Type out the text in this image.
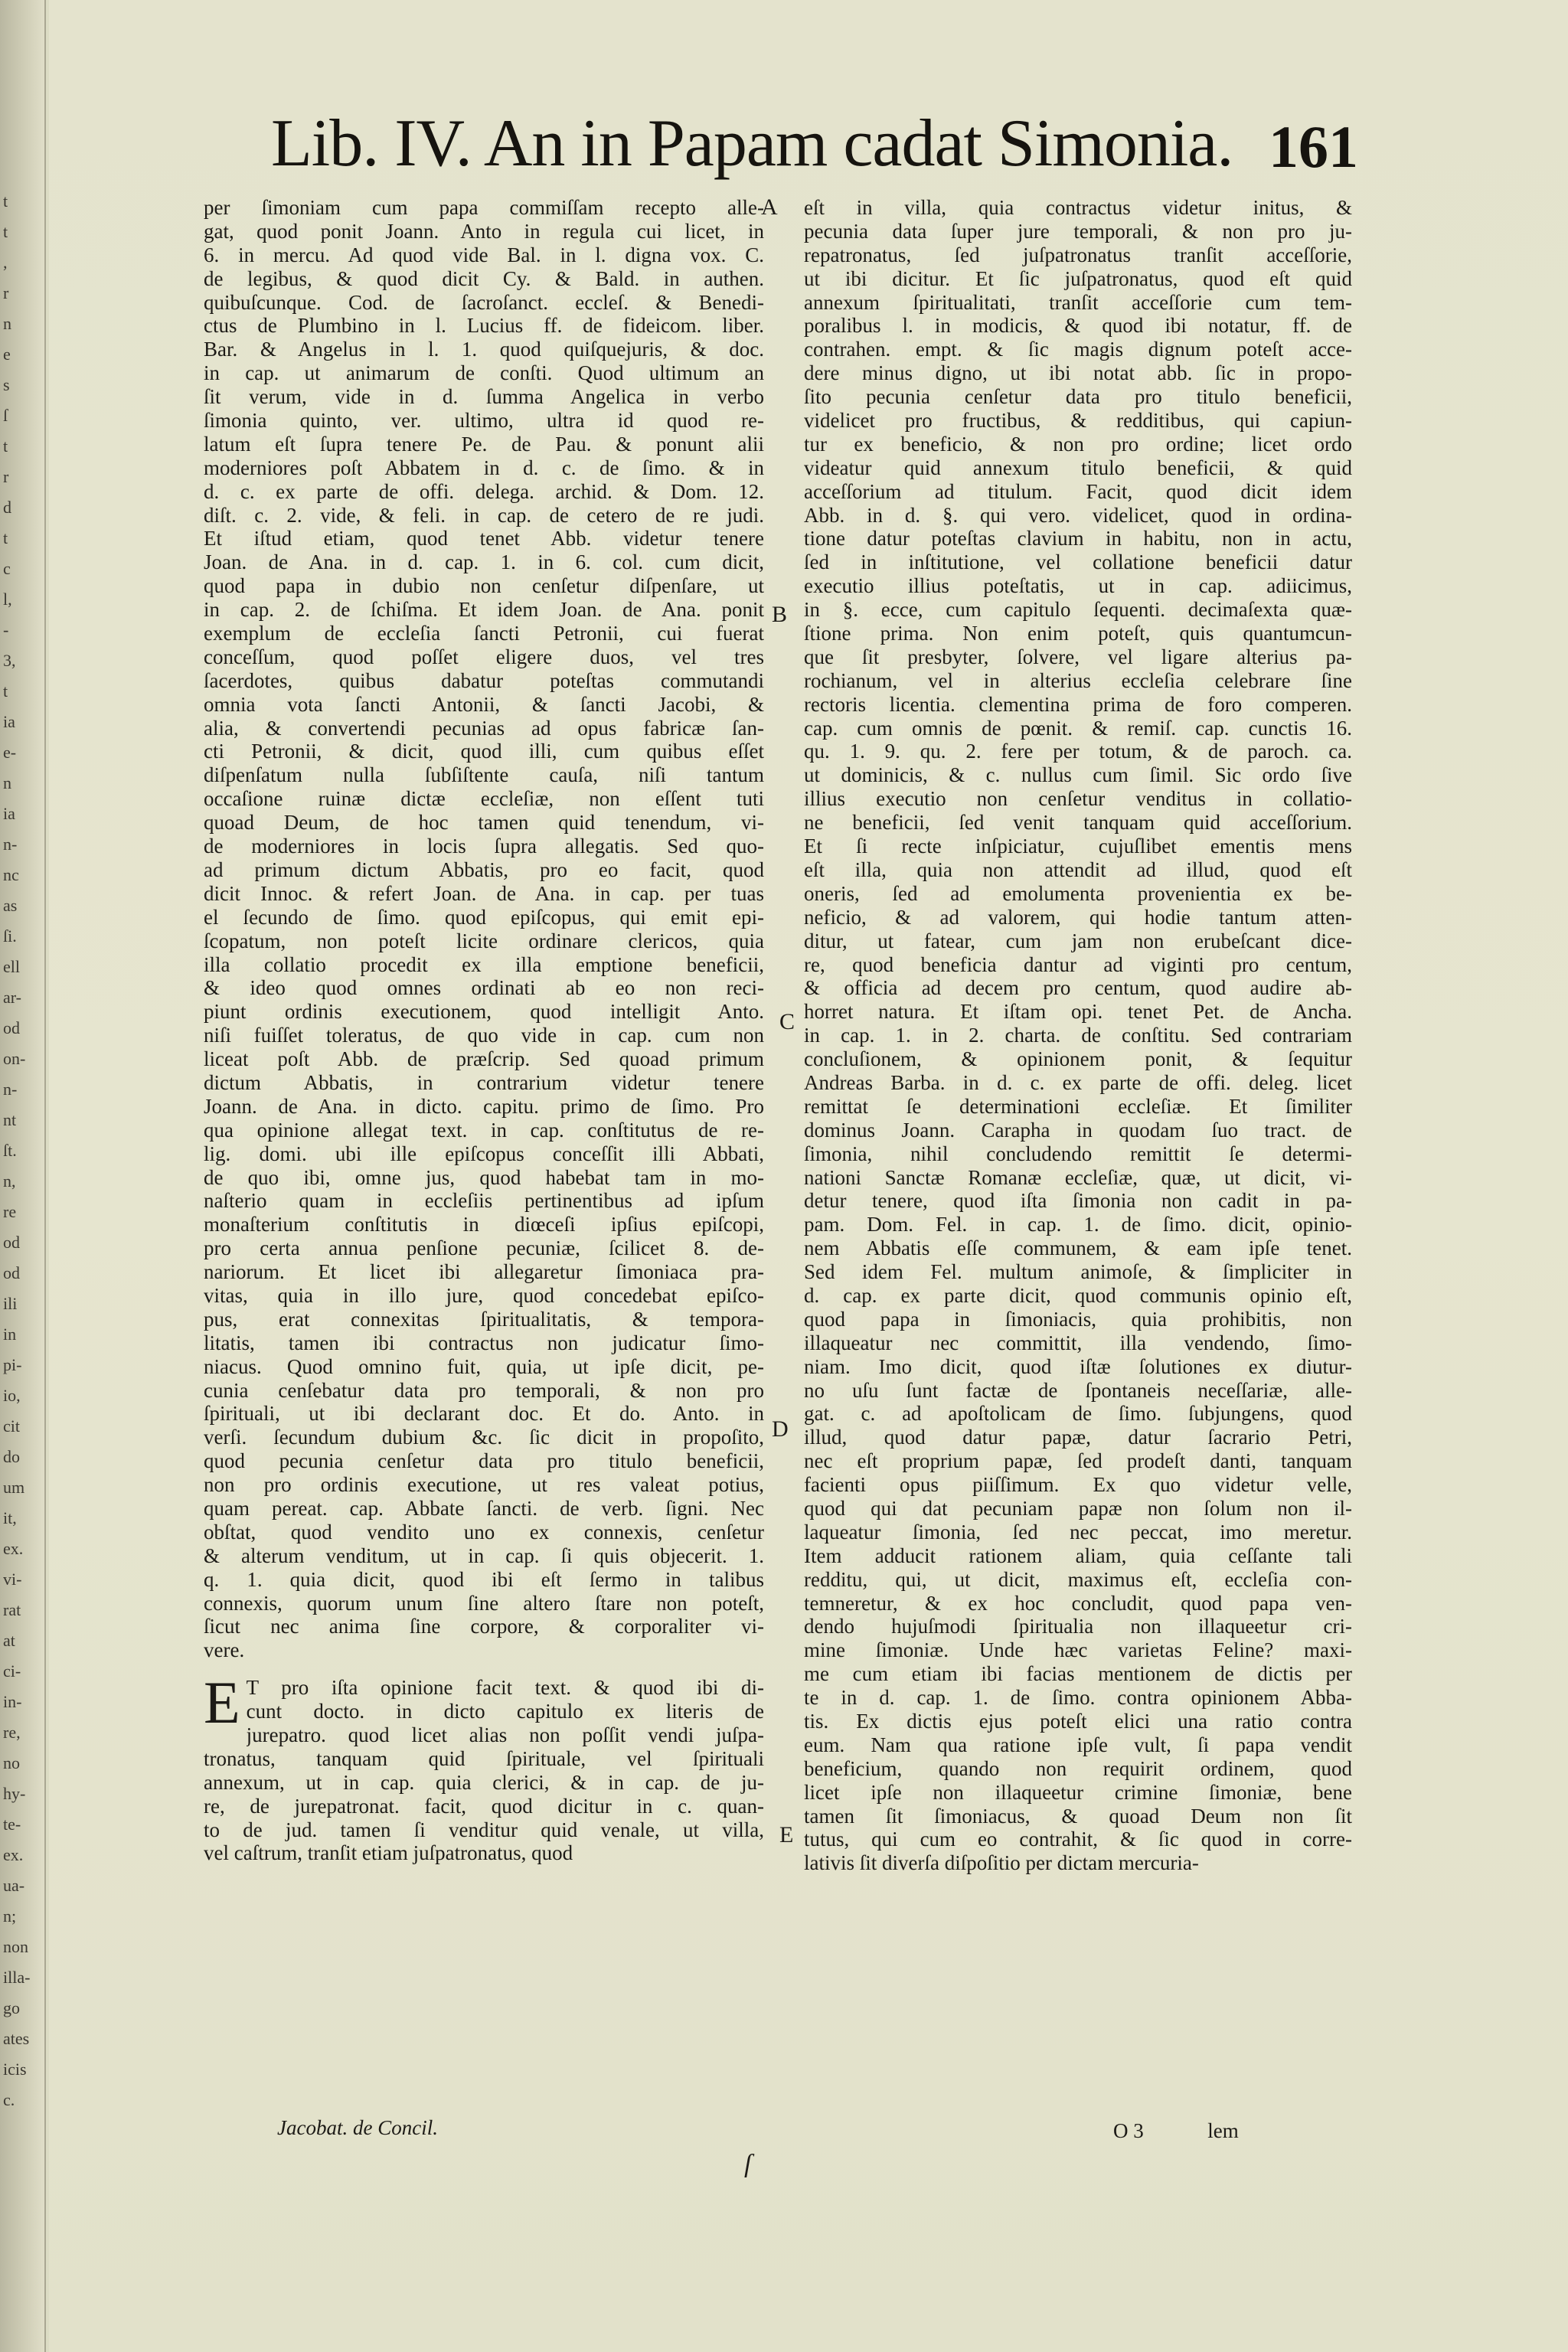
t
t
,
r
n
e
s
ſ
t
r
d
t
c
l,
-
3,
t
ia
e-
n
ia
n-
nc
as
ſi.
ell
ar-
od
on-
n-
nt
ſt.
n,
re
od
od
ili
in
pi-
io,
cit
do
um
it,
ex.
vi-
rat
at
ci-
in-
re,
no
hy-
te-
ex.
ua-
n;
non
illa-
go
ates
icis
c.
Lib. IV. An in Papam cadat Simonia. 161
per ſimoniam cum papa commiſſam recepto alle-
gat, quod ponit Joann. Anto in regula cui licet, in
6. in mercu. Ad quod vide Bal. in l. digna vox. C.
de legibus, & quod dicit Cy. & Bald. in authen.
quibuſcunque. Cod. de ſacroſanct. eccleſ. & Benedi-
ctus de Plumbino in l. Lucius ff. de fideicom. liber.
Bar. & Angelus in l. 1. quod quiſquejuris, & doc.
in cap. ut animarum de conſti. Quod ultimum an
ſit verum, vide in d. ſumma Angelica in verbo
ſimonia quinto, ver. ultimo, ultra id quod re-
latum eſt ſupra tenere Pe. de Pau. & ponunt alii
moderniores poſt Abbatem in d. c. de ſimo. & in
d. c. ex parte de offi. delega. archid. & Dom. 12.
diſt. c. 2. vide, & feli. in cap. de cetero de re judi.
Et iſtud etiam, quod tenet Abb. videtur tenere
Joan. de Ana. in d. cap. 1. in 6. col. cum dicit,
quod papa in dubio non cenſetur diſpenſare, ut
in cap. 2. de ſchiſma. Et idem Joan. de Ana. ponit
exemplum de eccleſia ſancti Petronii, cui fuerat
conceſſum, quod poſſet eligere duos, vel tres
ſacerdotes, quibus dabatur poteſtas commutandi
omnia vota ſancti Antonii, & ſancti Jacobi, &
alia, & convertendi pecunias ad opus fabricæ ſan-
cti Petronii, & dicit, quod illi, cum quibus eſſet
diſpenſatum nulla ſubſiſtente cauſa, niſi tantum
occaſione ruinæ dictæ eccleſiæ, non eſſent tuti
quoad Deum, de hoc tamen quid tenendum, vi-
de moderniores in locis ſupra allegatis. Sed quo-
ad primum dictum Abbatis, pro eo facit, quod
dicit Innoc. & refert Joan. de Ana. in cap. per tuas
el ſecundo de ſimo. quod epiſcopus, qui emit epi-
ſcopatum, non poteſt licite ordinare clericos, quia
illa collatio procedit ex illa emptione beneficii,
& ideo quod omnes ordinati ab eo non reci-
piunt ordinis executionem, quod intelligit Anto.
niſi fuiſſet toleratus, de quo vide in cap. cum non
liceat poſt Abb. de præſcrip. Sed quoad primum
dictum Abbatis, in contrarium videtur tenere
Joann. de Ana. in dicto. capitu. primo de ſimo. Pro
qua opinione allegat text. in cap. conſtitutus de re-
lig. domi. ubi ille epiſcopus conceſſit illi Abbati,
de quo ibi, omne jus, quod habebat tam in mo-
naſterio quam in eccleſiis pertinentibus ad ipſum
monaſterium conſtitutis in diœceſi ipſius epiſcopi,
pro certa annua penſione pecuniæ, ſcilicet 8. de-
nariorum. Et licet ibi allegaretur ſimoniaca pra-
vitas, quia in illo jure, quod concedebat epiſco-
pus, erat connexitas ſpiritualitatis, & tempora-
litatis, tamen ibi contractus non judicatur ſimo-
niacus. Quod omnino fuit, quia, ut ipſe dicit, pe-
cunia cenſebatur data pro temporali, & non pro
ſpirituali, ut ibi declarant doc. Et do. Anto. in
verſi. ſecundum dubium &c. ſic dicit in propoſito,
quod pecunia cenſetur data pro titulo beneficii,
non pro ordinis executione, ut res valeat potius,
quam pereat. cap. Abbate ſancti. de verb. ſigni. Nec
obſtat, quod vendito uno ex connexis, cenſetur
& alterum venditum, ut in cap. ſi quis objecerit. 1.
q. 1. quia dicit, quod ibi eſt ſermo in talibus
connexis, quorum unum ſine altero ſtare non poteſt,
ſicut nec anima ſine corpore, & corporaliter vi-
vere.
E T pro iſta opinione facit text. & quod ibi di-
cunt docto. in dicto capitulo ex literis de
jurepatro. quod licet alias non poſſit vendi juſpa-
tronatus, tanquam quid ſpirituale, vel ſpirituali
annexum, ut in cap. quia clerici, & in cap. de ju-
re, de jurepatronat. facit, quod dicitur in c. quan-
to de jud. tamen ſi venditur quid venale, ut villa,
vel caſtrum, tranſit etiam juſpatronatus, quod
eſt in villa, quia contractus videtur initus, &
pecunia data ſuper jure temporali, & non pro ju-
repatronatus, ſed juſpatronatus tranſit acceſſorie,
ut ibi dicitur. Et ſic juſpatronatus, quod eſt quid
annexum ſpiritualitati, tranſit acceſſorie cum tem-
poralibus l. in modicis, & quod ibi notatur, ff. de
contrahen. empt. & ſic magis dignum poteſt acce-
dere minus digno, ut ibi notat abb. ſic in propo-
ſito pecunia cenſetur data pro titulo beneficii,
videlicet pro fructibus, & redditibus, qui capiun-
tur ex beneficio, & non pro ordine; licet ordo
videatur quid annexum titulo beneficii, & quid
acceſſorium ad titulum. Facit, quod dicit idem
Abb. in d. §. qui vero. videlicet, quod in ordina-
tione datur poteſtas clavium in habitu, non in actu,
ſed in inſtitutione, vel collatione beneficii datur
executio illius poteſtatis, ut in cap. adiicimus,
in §. ecce, cum capitulo ſequenti. decimaſexta quæ-
ſtione prima. Non enim poteſt, quis quantumcun-
que ſit presbyter, ſolvere, vel ligare alterius pa-
rochianum, vel in alterius eccleſia celebrare ſine
rectoris licentia. clementina prima de foro comperen.
cap. cum omnis de pœnit. & remiſ. cap. cunctis 16.
qu. 1. 9. qu. 2. fere per totum, & de paroch. ca.
ut dominicis, & c. nullus cum ſimil. Sic ordo ſive
illius executio non cenſetur venditus in collatio-
ne beneficii, ſed venit tanquam quid acceſſorium.
Et ſi recte inſpiciatur, cujuſlibet ementis mens
eſt illa, quia non attendit ad illud, quod eſt
oneris, ſed ad emolumenta provenientia ex be-
neficio, & ad valorem, qui hodie tantum atten-
ditur, ut fatear, cum jam non erubeſcant dice-
re, quod beneficia dantur ad viginti pro centum,
& officia ad decem pro centum, quod audire ab-
horret natura. Et iſtam opi. tenet Pet. de Ancha.
in cap. 1. in 2. charta. de conſtitu. Sed contrariam
concluſionem, & opinionem ponit, & ſequitur
Andreas Barba. in d. c. ex parte de offi. deleg. licet
remittat ſe determinationi eccleſiæ. Et ſimiliter
dominus Joann. Carapha in quodam ſuo tract. de
ſimonia, nihil concludendo remittit ſe determi-
nationi Sanctæ Romanæ eccleſiæ, quæ, ut dicit, vi-
detur tenere, quod iſta ſimonia non cadit in pa-
pam. Dom. Fel. in cap. 1. de ſimo. dicit, opinio-
nem Abbatis eſſe communem, & eam ipſe tenet.
Sed idem Fel. multum animoſe, & ſimpliciter in
d. cap. ex parte dicit, quod communis opinio eſt,
quod papa in ſimoniacis, quia prohibitis, non
illaqueatur nec committit, illa vendendo, ſimo-
niam. Imo dicit, quod iſtæ ſolutiones ex diutur-
no uſu ſunt factæ de ſpontaneis neceſſariæ, alle-
gat. c. ad apoſtolicam de ſimo. ſubjungens, quod
illud, quod datur papæ, datur ſacrario Petri,
nec eſt proprium papæ, ſed prodeſt danti, tanquam
facienti opus piiſſimum. Ex quo videtur velle,
quod qui dat pecuniam papæ non ſolum non il-
laqueatur ſimonia, ſed nec peccat, imo meretur.
Item adducit rationem aliam, quia ceſſante tali
redditu, qui, ut dicit, maximus eſt, eccleſia con-
temneretur, & ex hoc concludit, quod papa ven-
dendo hujuſmodi ſpiritualia non illaqueetur cri-
mine ſimoniæ. Unde hæc varietas Feline? maxi-
me cum etiam ibi facias mentionem de dictis per
te in d. cap. 1. de ſimo. contra opinionem Abba-
tis. Ex dictis ejus poteſt elici una ratio contra
eum. Nam qua ratione ipſe vult, ſi papa vendit
beneficium, quando non requirit ordinem, quod
licet ipſe non illaqueetur crimine ſimoniæ, bene
tamen ſit ſimoniacus, & quoad Deum non ſit
tutus, qui cum eo contrahit, & ſic quod in corre-
lativis ſit diverſa diſpoſitio per dictam mercuria-
A
B
C
D
E
Jacobat. de Concil.
ſ
O 3	lem
